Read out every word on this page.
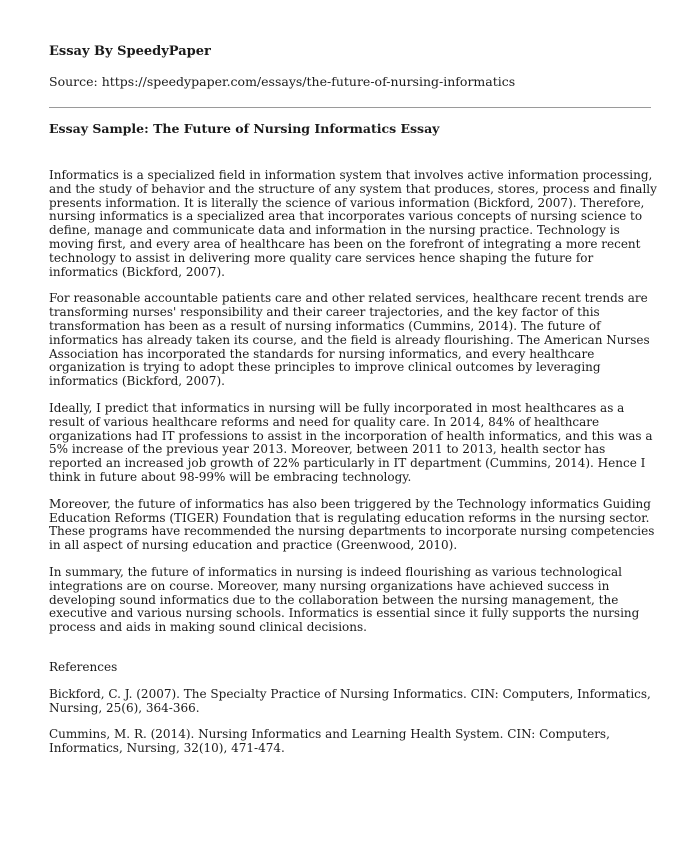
Essay By SpeedyPaper

Source: https://speedypaper.com/essays/the-future-of-nursing-informatics

Essay Sample: The Future of Nursing Informatics Essay

Informatics is a specialized field in information system that involves active information processing, and the study of behavior and the structure of any system that produces, stores, process and finally presents information. It is literally the science of various information (Bickford, 2007). Therefore, nursing informatics is a specialized area that incorporates various concepts of nursing science to define, manage and communicate data and information in the nursing practice. Technology is moving first, and every area of healthcare has been on the forefront of integrating a more recent technology to assist in delivering more quality care services hence shaping the future for informatics (Bickford, 2007).

For reasonable accountable patients care and other related services, healthcare recent trends are transforming nurses' responsibility and their career trajectories, and the key factor of this transformation has been as a result of nursing informatics (Cummins, 2014). The future of informatics has already taken its course, and the field is already flourishing. The American Nurses Association has incorporated the standards for nursing informatics, and every healthcare organization is trying to adopt these principles to improve clinical outcomes by leveraging informatics (Bickford, 2007).

Ideally, I predict that informatics in nursing will be fully incorporated in most healthcares as a result of various healthcare reforms and need for quality care. In 2014, 84% of healthcare organizations had IT professions to assist in the incorporation of health informatics, and this was a 5% increase of the previous year 2013. Moreover, between 2011 to 2013, health sector has reported an increased job growth of 22% particularly in IT department (Cummins, 2014). Hence I think in future about 98-99% will be embracing technology.

Moreover, the future of informatics has also been triggered by the Technology informatics Guiding Education Reforms (TIGER) Foundation that is regulating education reforms in the nursing sector. These programs have recommended the nursing departments to incorporate nursing competencies in all aspect of nursing education and practice (Greenwood, 2010).

In summary, the future of informatics in nursing is indeed flourishing as various technological integrations are on course. Moreover, many nursing organizations have achieved success in developing sound informatics due to the collaboration between the nursing management, the executive and various nursing schools. Informatics is essential since it fully supports the nursing process and aids in making sound clinical decisions.

References

Bickford, C. J. (2007). The Specialty Practice of Nursing Informatics. CIN: Computers, Informatics, Nursing, 25(6), 364-366.

Cummins, M. R. (2014). Nursing Informatics and Learning Health System. CIN: Computers, Informatics, Nursing, 32(10), 471-474.
